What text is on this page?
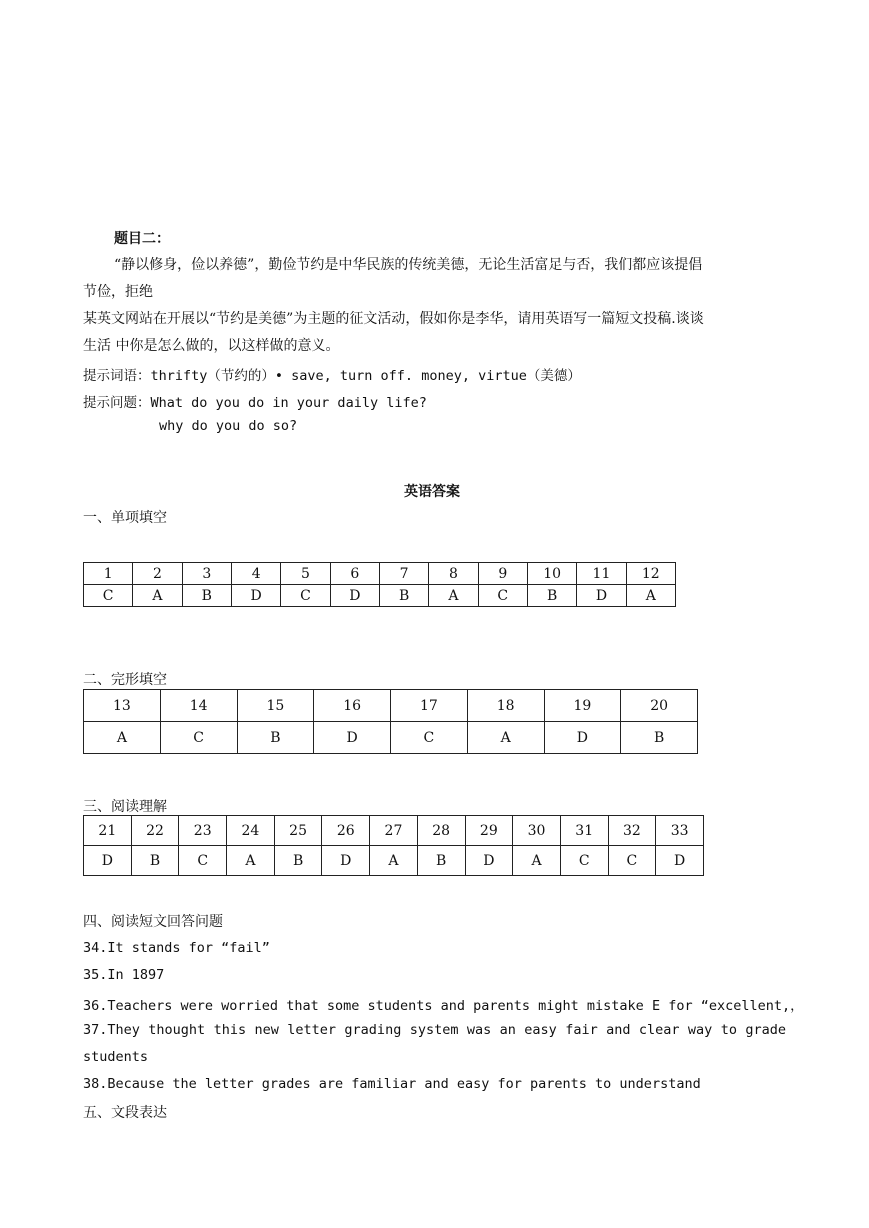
题目二：
“静以修身，俭以养德”，勤俭节约是中华民族的传统美德，无论生活富足与否，我们都应该提倡
节俭，拒绝
某英文网站在开展以“节约是美德”为主题的征文活动，假如你是李华，请用英语写一篇短文投稿.谈谈
生活 中你是怎么做的，以这样做的意义。
提示词语：thrifty（节约的）• save, turn off. money, virtue（美德）
提示问题：What do you do in your daily life?
why do you do so?
英语答案
一、单项填空
1	2	3	4	5	6	7	8	9	10	11	12
C	A	B	D	C	D	B	A	C	B	D	A
二、完形填空
13	14	15	16	17	18	19	20
A	C	B	D	C	A	D	B
三、阅读理解
21	22	23	24	25	26	27	28	29	30	31	32	33
D	B	C	A	B	D	A	B	D	A	C	C	D
四、阅读短文回答问题
34.It stands for “fail”
35.In 1897
36.Teachers were worried that some students and parents might mistake E for “excellent,，
37.They thought this new letter grading system was an easy fair and clear way to grade
students
38.Because the letter grades are familiar and easy for parents to understand
五、文段表达
